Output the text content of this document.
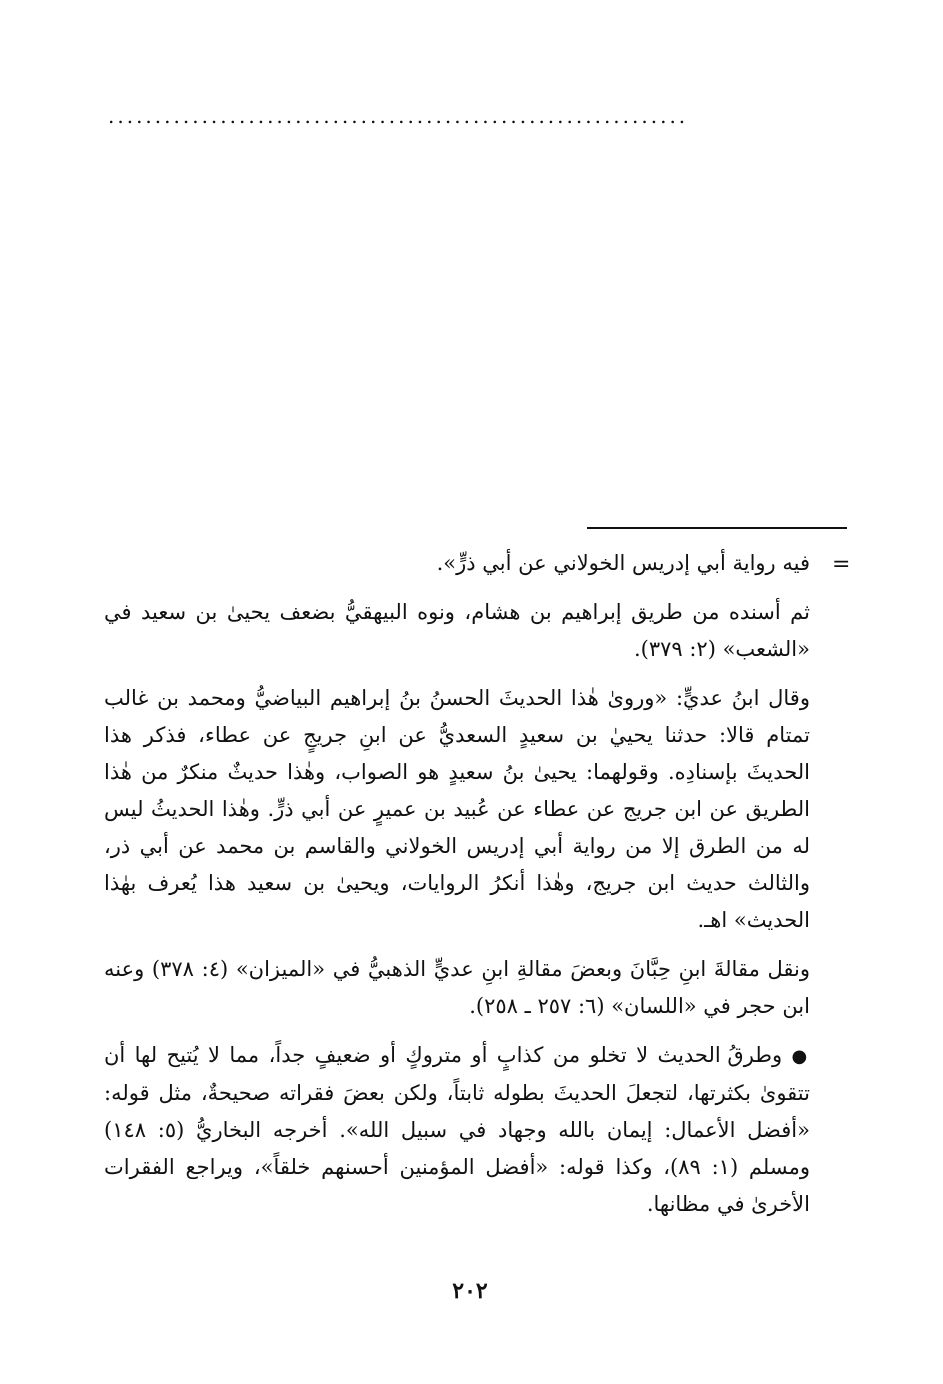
..............................................................
=

فيه رواية أبي إدريس الخولاني عن أبي ذرٍّ».

ثم أسنده من طريق إبراهيم بن هشام، ونوه البيهقيُّ بضعف يحيىٰ بن سعيد في «الشعب» (٢: ٣٧٩).

وقال ابنُ عديٍّ: «ورویٰ هٰذا الحديثَ الحسنُ بنُ إبراهيم البياضيُّ ومحمد بن غالب تمتام قالا: حدثنا يحييٰ بن سعيدٍ السعديُّ عن ابنِ جريجٍ عن عطاء، فذكر هذا الحديثَ بإسنادِه. وقولهما: يحيىٰ بنُ سعيدٍ هو الصواب، وهٰذا حديثٌ منكرٌ من هٰذا الطريق عن ابن جريج عن عطاء عن عُبيد بن عميرٍ عن أبي ذرٍّ. وهٰذا الحديثُ ليس له من الطرق إلا من رواية أبي إدريس الخولاني والقاسم بن محمد عن أبي ذر، والثالث حديث ابن جريج، وهٰذا أنكرُ الروايات، ويحيىٰ بن سعيد هذا يُعرف بهٰذا الحديث» اهـ.

ونقل مقالةَ ابنِ حِبَّانَ وبعضَ مقالةِ ابنِ عديٍّ الذهبيُّ في «الميزان» (٤: ٣٧٨) وعنه ابن حجر في «اللسان» (٦: ٢٥٧ ـ ٢٥٨).

● وطرقُ الحديث لا تخلو من كذابٍ أو متروكٍ أو ضعيفٍ جداً، مما لا يُتيح لها أن تتقوىٰ بكثرتها، لتجعلَ الحديثَ بطوله ثابتاً، ولكن بعضَ فقراته صحيحةٌ، مثل قوله: «أفضل الأعمال: إيمان بالله وجهاد في سبيل الله». أخرجه البخاريُّ (٥: ١٤٨) ومسلم (١: ٨٩)، وكذا قوله: «أفضل المؤمنين أحسنهم خلقاً»، ويراجع الفقرات الأخرىٰ في مظانها.

٢٠٢
